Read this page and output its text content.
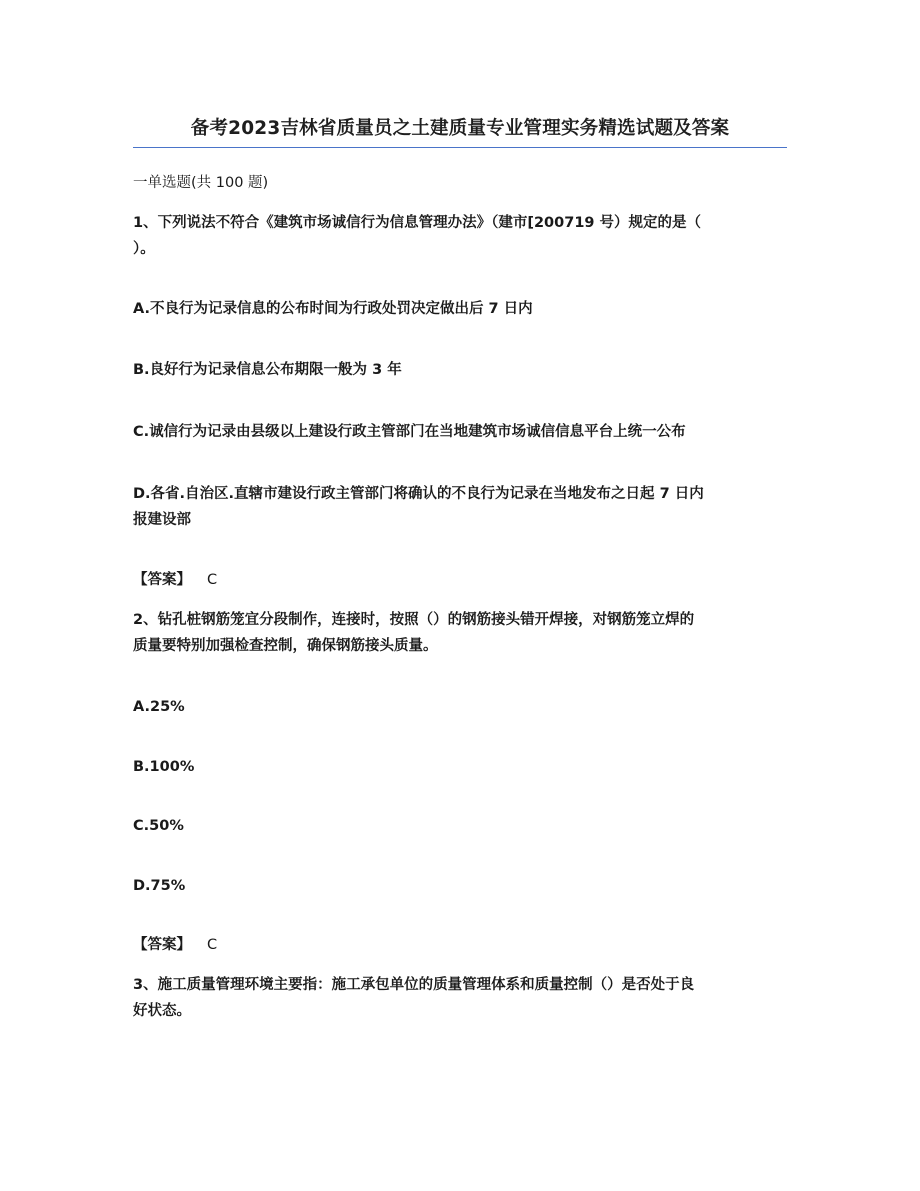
备考2023吉林省质量员之土建质量专业管理实务精选试题及答案
一单选题(共 100 题)
1、下列说法不符合《建筑市场诚信行为信息管理办法》（建市[200719 号）规定的是（
）。
A.不良行为记录信息的公布时间为行政处罚决定做出后 7 日内
B.良好行为记录信息公布期限一般为 3 年
C.诚信行为记录由县级以上建设行政主管部门在当地建筑市场诚信信息平台上统一公布
D.各省.自治区.直辖市建设行政主管部门将确认的不良行为记录在当地发布之日起 7 日内
报建设部
【答案】 C
2、钻孔桩钢筋笼宜分段制作，连接时，按照（）的钢筋接头错开焊接，对钢筋笼立焊的
质量要特别加强检查控制，确保钢筋接头质量。
A.25%
B.100%
C.50%
D.75%
【答案】 C
3、施工质量管理环境主要指：施工承包单位的质量管理体系和质量控制（）是否处于良
好状态。
